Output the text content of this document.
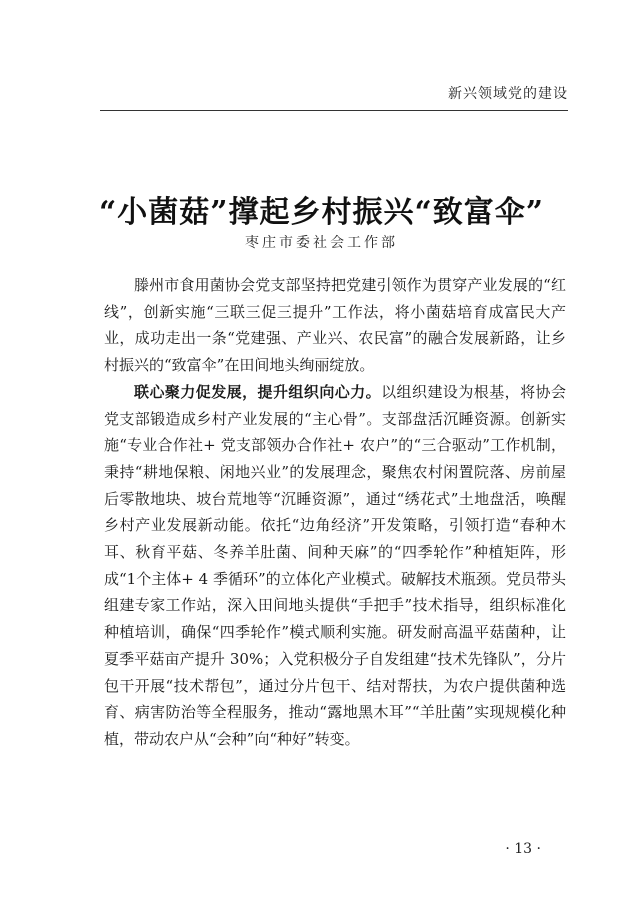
新兴领域党的建设
“小菌菇”撑起乡村振兴“致富伞”
枣庄市委社会工作部

滕州市食用菌协会党支部坚持把党建引领作为贯穿产业发展的“红线”，创新实施“三联三促三提升”工作法，将小菌菇培育成富民大产业，成功走出一条“党建强、产业兴、农民富”的融合发展新路，让乡村振兴的“致富伞”在田间地头绚丽绽放。

联心聚力促发展，提升组织向心力。以组织建设为根基，将协会党支部锻造成乡村产业发展的“主心骨”。支部盘活沉睡资源。创新实施“专业合作社+ 党支部领办合作社+ 农户”的“三合驱动”工作机制，秉持“耕地保粮、闲地兴业”的发展理念，聚焦农村闲置院落、房前屋后零散地块、坡台荒地等“沉睡资源”，通过“绣花式”土地盘活，唤醒乡村产业发展新动能。依托“边角经济”开发策略，引领打造“春种木耳、秋育平菇、冬养羊肚菌、间种天麻”的“四季轮作”种植矩阵，形成“1个主体+ 4 季循环”的立体化产业模式。破解技术瓶颈。党员带头组建专家工作站，深入田间地头提供“手把手”技术指导，组织标准化种植培训，确保“四季轮作”模式顺利实施。研发耐高温平菇菌种，让夏季平菇亩产提升 30%；入党积极分子自发组建“技术先锋队”，分片包干开展“技术帮包”，通过分片包干、结对帮扶，为农户提供菌种选育、病害防治等全程服务，推动“露地黑木耳”“羊肚菌”实现规模化种植，带动农户从“会种”向“种好”转变。

· 13 ·
